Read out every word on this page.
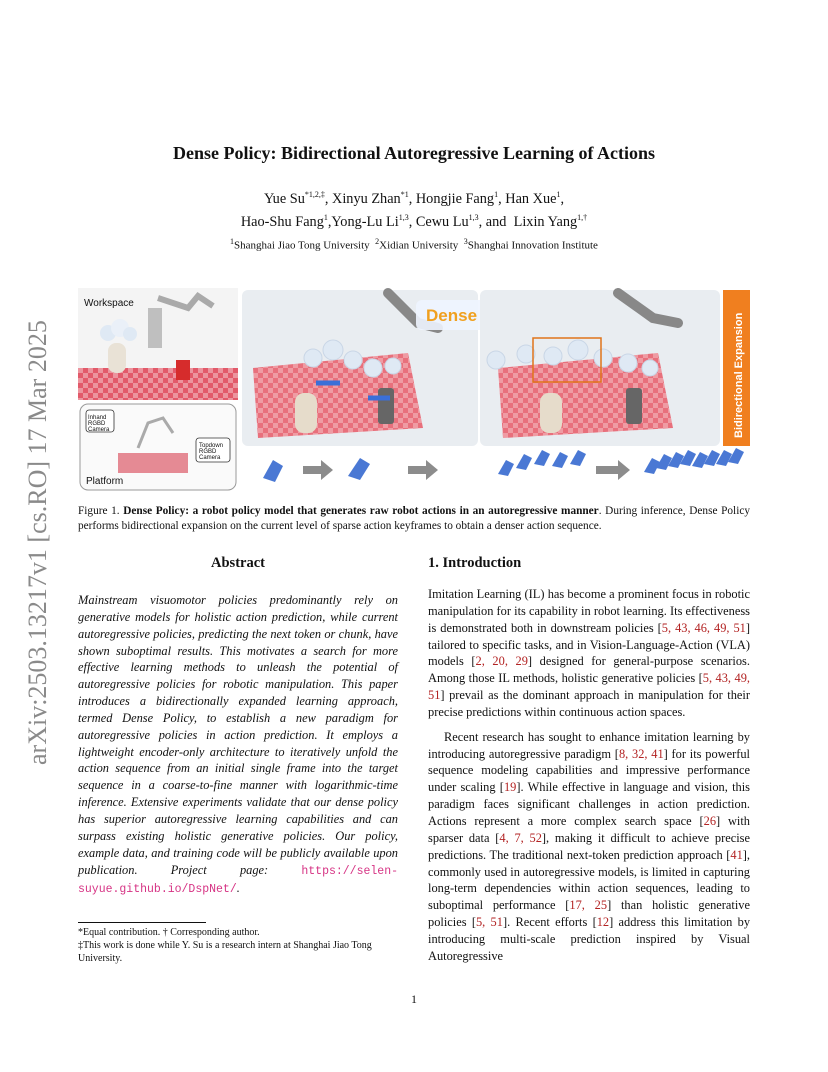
arXiv:2503.13217v1 [cs.RO] 17 Mar 2025
Dense Policy: Bidirectional Autoregressive Learning of Actions
Yue $Su^{*1,2,\ddagger}$, Xinyu Zhan$^{*1}$, Hongjie Fang$^1$, Han Xue$^1$,
Hao-Shu Fang$^1$,Yong-Lu Li$^{1,3}$, Cewu Lu$^{1,3}$, and  Lixin Yang$^{1,\dagger}$
$^1$Shanghai Jiao Tong University  $^2$Xidian University  $^3$Shanghai Innovation Institute
Workspace
Inhand
RGBD
Camera
Topdown
RGBD
Camera
Platform
Dense	Bidirectional Expansion
Figure 1. Dense Policy: a robot policy model that generates raw robot actions in an autoregressive manner. During inference, Dense Policy performs bidirectional expansion on the current level of sparse action keyframes to obtain a denser action sequence.
Abstract
Mainstream visuomotor policies predominantly rely on generative models for holistic action prediction, while current autoregressive policies, predicting the next token or chunk, have shown suboptimal results. This motivates a search for more effective learning methods to unleash the potential of autoregressive policies for robotic manipulation. This paper introduces a bidirectionally expanded learning approach, termed Dense Policy, to establish a new paradigm for autoregressive policies in action prediction. It employs a lightweight encoder-only architecture to iteratively unfold the action sequence from an initial single frame into the target sequence in a coarse-to-fine manner with logarithmic-time inference. Extensive experiments validate that our dense policy has superior autoregressive learning capabilities and can surpass existing holistic generative policies. Our policy, example data, and training code will be publicly available upon publication. Project page: https://selen-suyue.github.io/DspNet/.
*Equal contribution. † Corresponding author.
‡This work is done while Y. Su is a research intern at Shanghai Jiao Tong University.
1. Introduction

Imitation Learning (IL) has become a prominent focus in robotic manipulation for its capability in robot learning. Its effectiveness is demonstrated both in downstream policies [5, 43, 46, 49, 51] tailored to specific tasks, and in Vision-Language-Action (VLA) models [2, 20, 29] designed for general-purpose scenarios. Among those IL methods, holistic generative policies [5, 43, 49, 51] prevail as the dominant approach in manipulation for their precise predictions within continuous action spaces.

Recent research has sought to enhance imitation learning by introducing autoregressive paradigm [8, 32, 41] for its powerful sequence modeling capabilities and impressive performance under scaling [19]. While effective in language and vision, this paradigm faces significant challenges in action prediction. Actions represent a more complex search space [26] with sparser data [4, 7, 52], making it difficult to achieve precise predictions. The traditional next-token prediction approach [41], commonly used in autoregressive models, is limited in capturing long-term dependencies within action sequences, leading to suboptimal performance [17, 25] than holistic generative policies [5, 51]. Recent efforts [12] address this limitation by introducing multi-scale prediction inspired by Visual Autoregressive

1
